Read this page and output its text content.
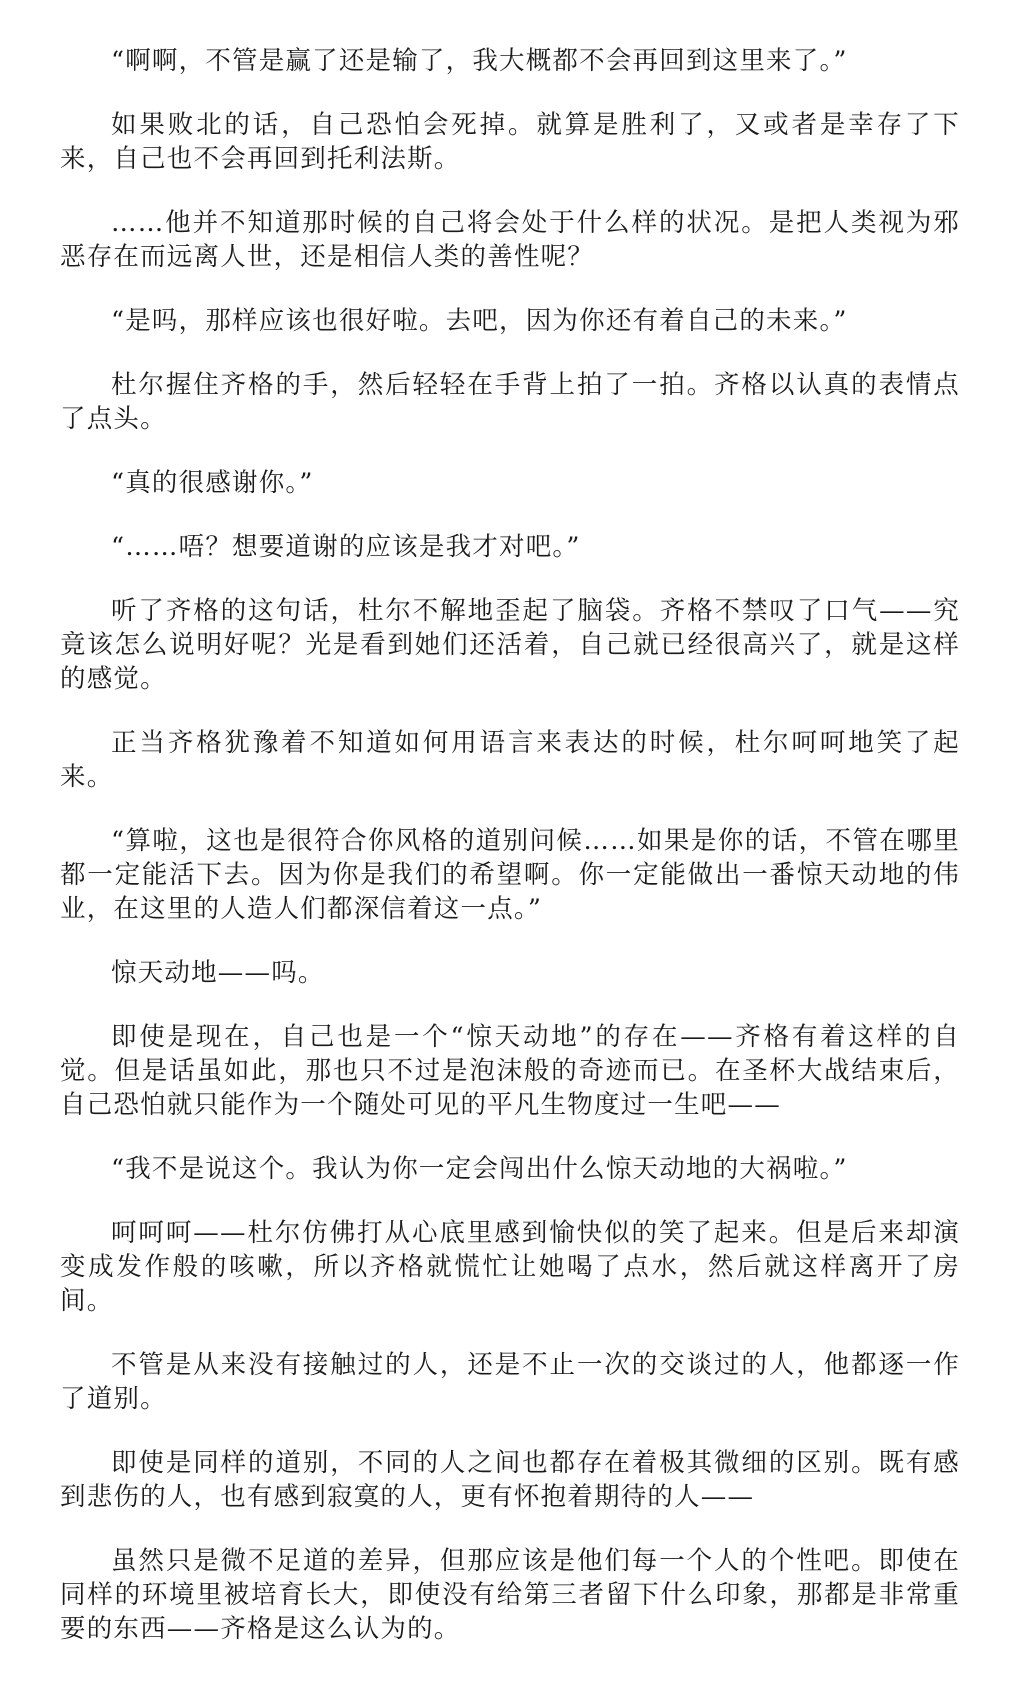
“啊啊，不管是赢了还是输了，我大概都不会再回到这里来了。”

如果败北的话，自己恐怕会死掉。就算是胜利了，又或者是幸存了下来，自己也不会再回到托利法斯。

……他并不知道那时候的自己将会处于什么样的状况。是把人类视为邪恶存在而远离人世，还是相信人类的善性呢？

“是吗，那样应该也很好啦。去吧，因为你还有着自己的未来。”

杜尔握住齐格的手，然后轻轻在手背上拍了一拍。齐格以认真的表情点了点头。

“真的很感谢你。”

“……唔？想要道谢的应该是我才对吧。”

听了齐格的这句话，杜尔不解地歪起了脑袋。齐格不禁叹了口气——究竟该怎么说明好呢？光是看到她们还活着，自己就已经很高兴了，就是这样的感觉。

正当齐格犹豫着不知道如何用语言来表达的时候，杜尔呵呵地笑了起来。

“算啦，这也是很符合你风格的道别问候……如果是你的话，不管在哪里都一定能活下去。因为你是我们的希望啊。你一定能做出一番惊天动地的伟业，在这里的人造人们都深信着这一点。”

惊天动地——吗。

即使是现在，自己也是一个“惊天动地”的存在——齐格有着这样的自觉。但是话虽如此，那也只不过是泡沫般的奇迹而已。在圣杯大战结束后，自己恐怕就只能作为一个随处可见的平凡生物度过一生吧——

“我不是说这个。我认为你一定会闯出什么惊天动地的大祸啦。”

呵呵呵——杜尔仿佛打从心底里感到愉快似的笑了起来。但是后来却演变成发作般的咳嗽，所以齐格就慌忙让她喝了点水，然后就这样离开了房间。

不管是从来没有接触过的人，还是不止一次的交谈过的人，他都逐一作了道别。

即使是同样的道别，不同的人之间也都存在着极其微细的区别。既有感到悲伤的人，也有感到寂寞的人，更有怀抱着期待的人——

虽然只是微不足道的差异，但那应该是他们每一个人的个性吧。即使在同样的环境里被培育长大，即使没有给第三者留下什么印象，那都是非常重要的东西——齐格是这么认为的。
